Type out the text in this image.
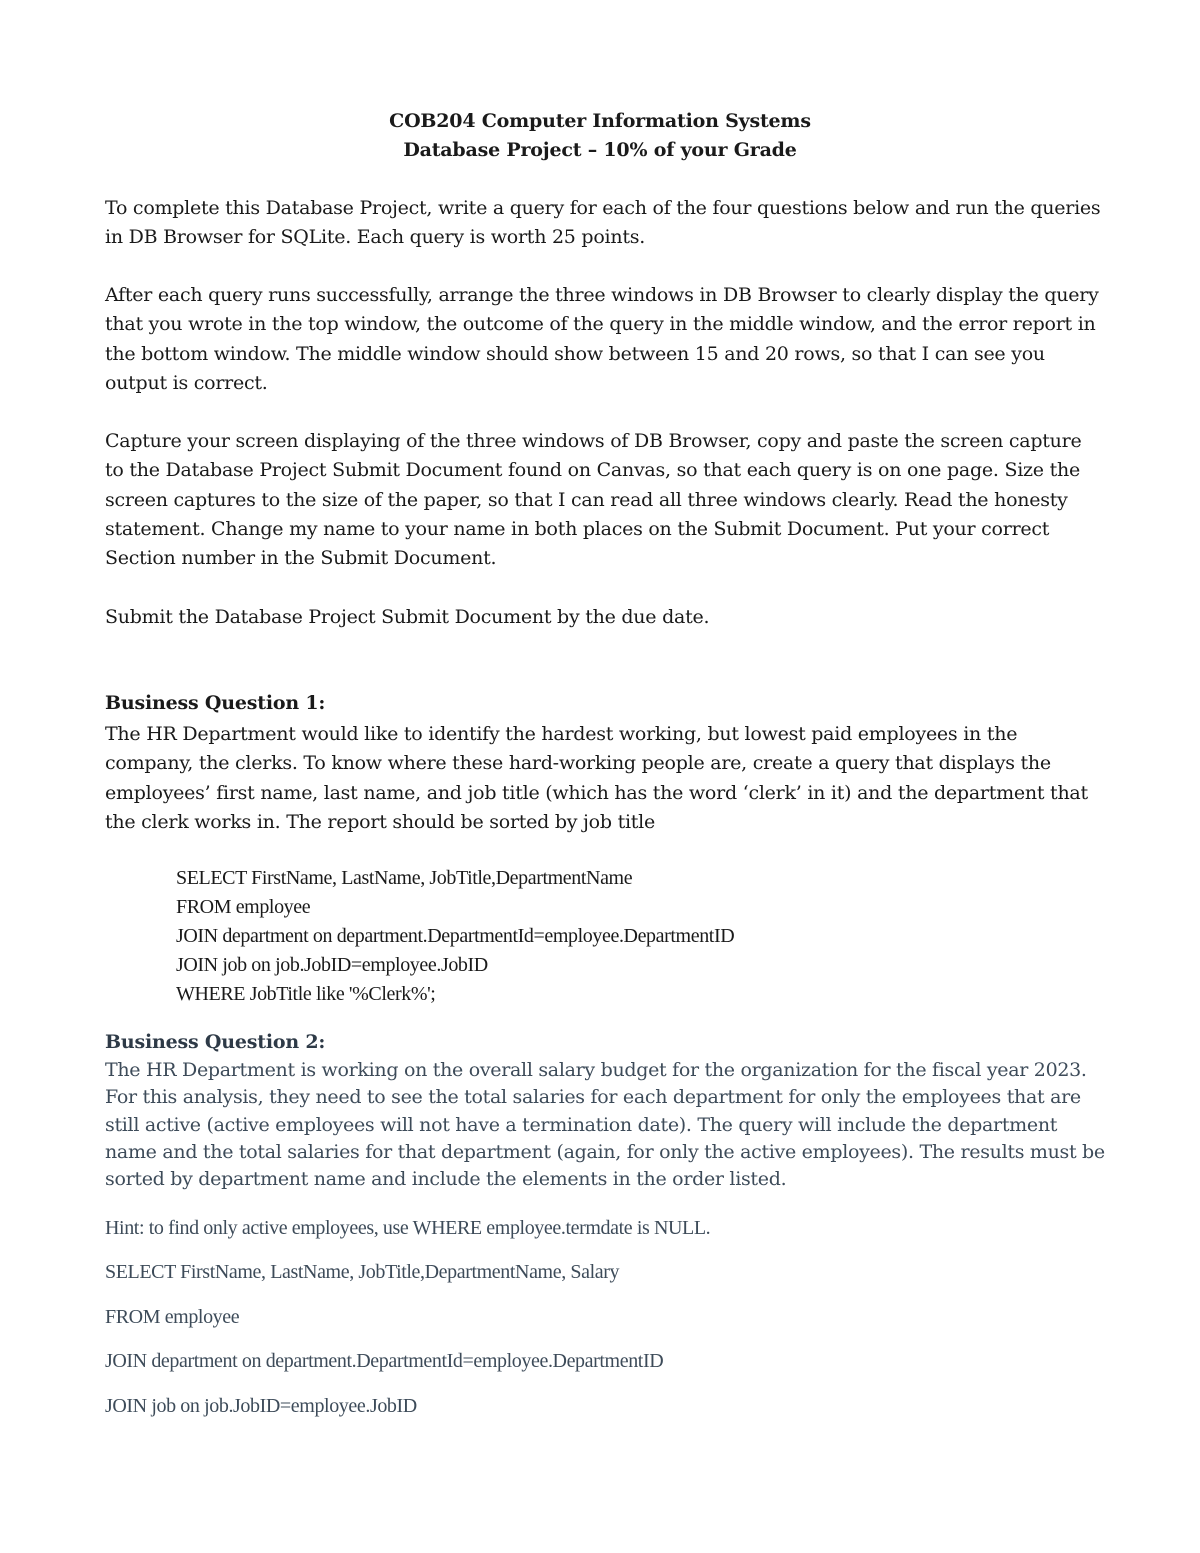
COB204 Computer Information Systems
Database Project – 10% of your Grade

To complete this Database Project, write a query for each of the four questions below and run the queries in DB Browser for SQLite. Each query is worth 25 points.

After each query runs successfully, arrange the three windows in DB Browser to clearly display the query that you wrote in the top window, the outcome of the query in the middle window, and the error report in the bottom window. The middle window should show between 15 and 20 rows, so that I can see you output is correct.

Capture your screen displaying of the three windows of DB Browser, copy and paste the screen capture to the Database Project Submit Document found on Canvas, so that each query is on one page. Size the screen captures to the size of the paper, so that I can read all three windows clearly. Read the honesty statement. Change my name to your name in both places on the Submit Document. Put your correct Section number in the Submit Document.

Submit the Database Project Submit Document by the due date.

Business Question 1:

The HR Department would like to identify the hardest working, but lowest paid employees in the company, the clerks. To know where these hard-working people are, create a query that displays the employees’ first name, last name, and job title (which has the word ‘clerk’ in it) and the department that the clerk works in. The report should be sorted by job title

SELECT FirstName, LastName, JobTitle,DepartmentName
FROM employee
JOIN department on department.DepartmentId=employee.DepartmentID
JOIN job on job.JobID=employee.JobID
WHERE JobTitle like '%Clerk%';
Business Question 2:

The HR Department is working on the overall salary budget for the organization for the fiscal year 2023. For this analysis, they need to see the total salaries for each department for only the employees that are still active (active employees will not have a termination date). The query will include the department name and the total salaries for that department (again, for only the active employees). The results must be sorted by department name and include the elements in the order listed.

Hint: to find only active employees, use WHERE employee.termdate is NULL.
SELECT FirstName, LastName, JobTitle,DepartmentName, Salary
FROM employee
JOIN department on department.DepartmentId=employee.DepartmentID
JOIN job on job.JobID=employee.JobID
